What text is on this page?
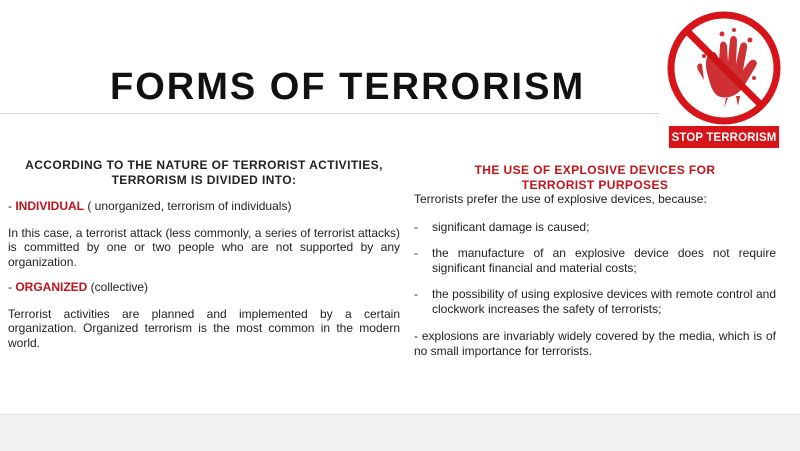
FORMS OF TERRORISM
STOP TERRORISM

ACCORDING TO THE NATURE OF TERRORIST ACTIVITIES,
TERRORISM IS DIVIDED INTO:

- INDIVIDUAL ( unorganized, terrorism of individuals)

In this case, a terrorist attack (less commonly, a series of terrorist attacks) is committed by one or two people who are not supported by any organization.

- ORGANIZED (collective)

Terrorist activities are planned and implemented by a certain organization. Organized terrorism is the most common in the modern world.

THE USE OF EXPLOSIVE DEVICES FOR
TERRORIST PURPOSES

Terrorists prefer the use of explosive devices, because:

-	significant damage is caused;
-	the manufacture of an explosive device does not require significant financial and material costs;
-	the possibility of using explosive devices with remote control and clockwork increases the safety of terrorists;

- explosions are invariably widely covered by the media, which is of no small importance for terrorists.
